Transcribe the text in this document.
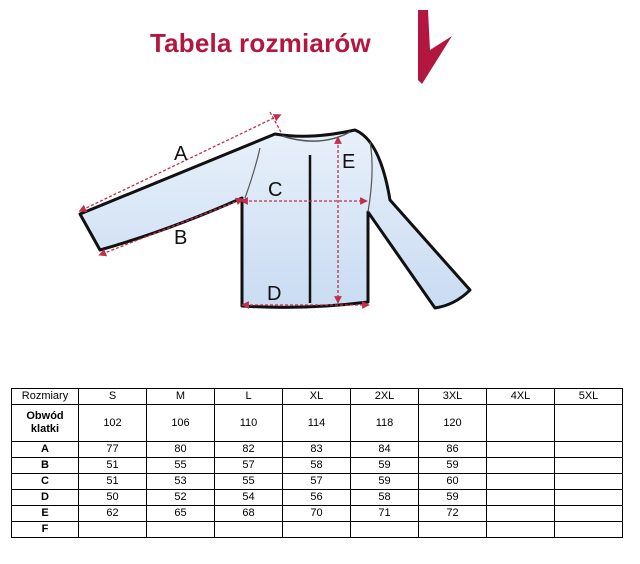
Tabela rozmiarów
A
B
C
D
E
Rozmiary	S	M	L	XL	2XL	3XL	4XL	5XL
Obwód klatki	102	106	110	114	118	120		
A	77	80	82	83	84	86		
B	51	55	57	58	59	59		
C	51	53	55	57	59	60		
D	50	52	54	56	58	59		
E	62	65	68	70	71	72		
F								
